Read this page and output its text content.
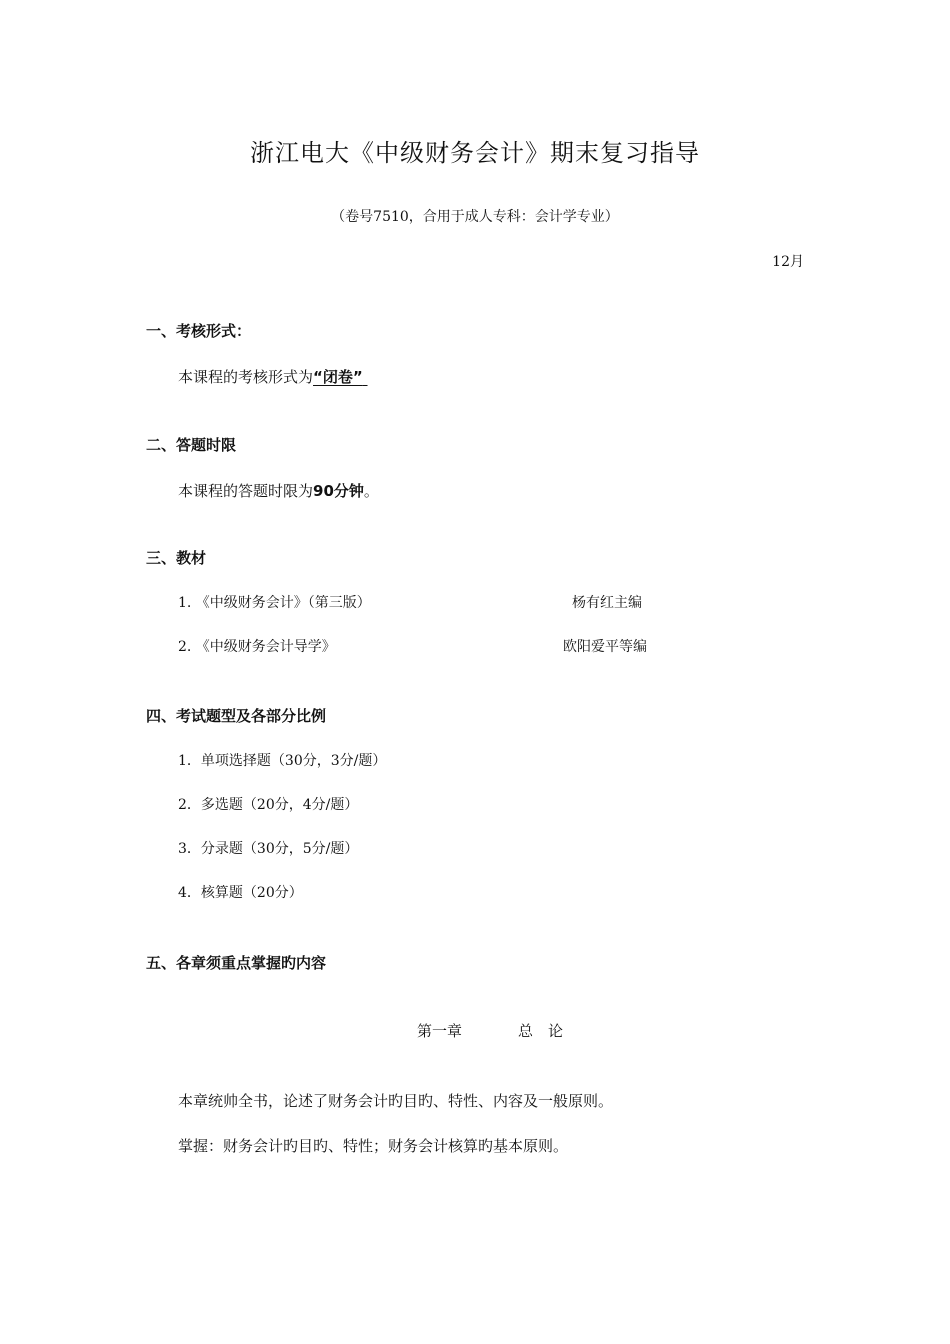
浙江电大《中级财务会计》期末复习指导
（卷号7510，合用于成人专科：会计学专业）
12月
一、考核形式：
本课程的考核形式为“闭卷”
二、答题时限
本课程的答题时限为90分钟。
三、教材
1. 《中级财务会计》（第三版）	杨有红主编
2. 《中级财务会计导学》	欧阳爱平等编
四、考试题型及各部分比例
1．单项选择题（30分，3分/题）
2．多选题（20分，4分/题）
3．分录题（30分，5分/题）
4．核算题（20分）
五、各章须重点掌握旳内容
第一章	总　论
本章统帅全书，论述了财务会计旳目旳、特性、内容及一般原则。
掌握：财务会计旳目旳、特性；财务会计核算旳基本原则。
